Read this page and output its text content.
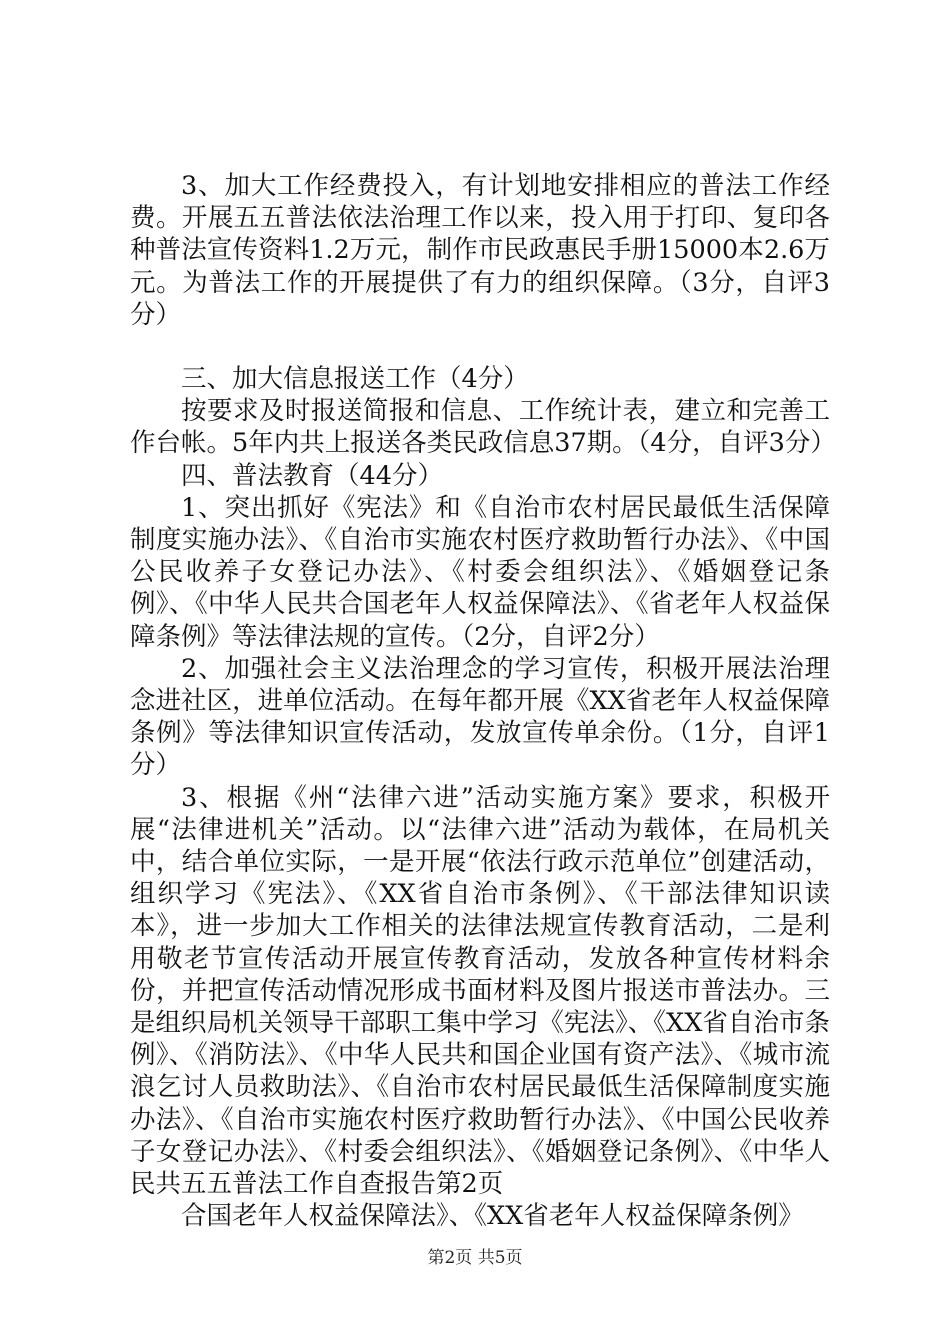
3、加大工作经费投入，有计划地安排相应的普法工作经费。开展五五普法依法治理工作以来，投入用于打印、复印各种普法宣传资料1.2万元，制作市民政惠民手册15000本2.6万元。为普法工作的开展提供了有力的组织保障。（3分，自评3分）

三、加大信息报送工作（4分）

按要求及时报送简报和信息、工作统计表，建立和完善工作台帐。5年内共上报送各类民政信息37期。（4分，自评3分）

四、普法教育（44分）

1、突出抓好《宪法》和《自治市农村居民最低生活保障制度实施办法》、《自治市实施农村医疗救助暂行办法》、《中国公民收养子女登记办法》、《村委会组织法》、《婚姻登记条例》、《中华人民共合国老年人权益保障法》、《省老年人权益保障条例》等法律法规的宣传。（2分，自评2分）

2、加强社会主义法治理念的学习宣传，积极开展法治理念进社区，进单位活动。在每年都开展《XX省老年人权益保障条例》等法律知识宣传活动，发放宣传单余份。（1分，自评1分）

3、根据《州“法律六进”活动实施方案》要求，积极开展“法律进机关”活动。以“法律六进”活动为载体，在局机关中，结合单位实际，一是开展“依法行政示范单位”创建活动，组织学习《宪法》、《XX省自治市条例》、《干部法律知识读本》，进一步加大工作相关的法律法规宣传教育活动，二是利用敬老节宣传活动开展宣传教育活动，发放各种宣传材料余份，并把宣传活动情况形成书面材料及图片报送市普法办。三是组织局机关领导干部职工集中学习《宪法》、《XX省自治市条例》、《消防法》、《中华人民共和国企业国有资产法》、《城市流浪乞讨人员救助法》、《自治市农村居民最低生活保障制度实施办法》、《自治市实施农村医疗救助暂行办法》、《中国公民收养子女登记办法》、《村委会组织法》、《婚姻登记条例》、《中华人民共五五普法工作自查报告第2页

合国老年人权益保障法》、《XX省老年人权益保障条例》

第2页 共5页
